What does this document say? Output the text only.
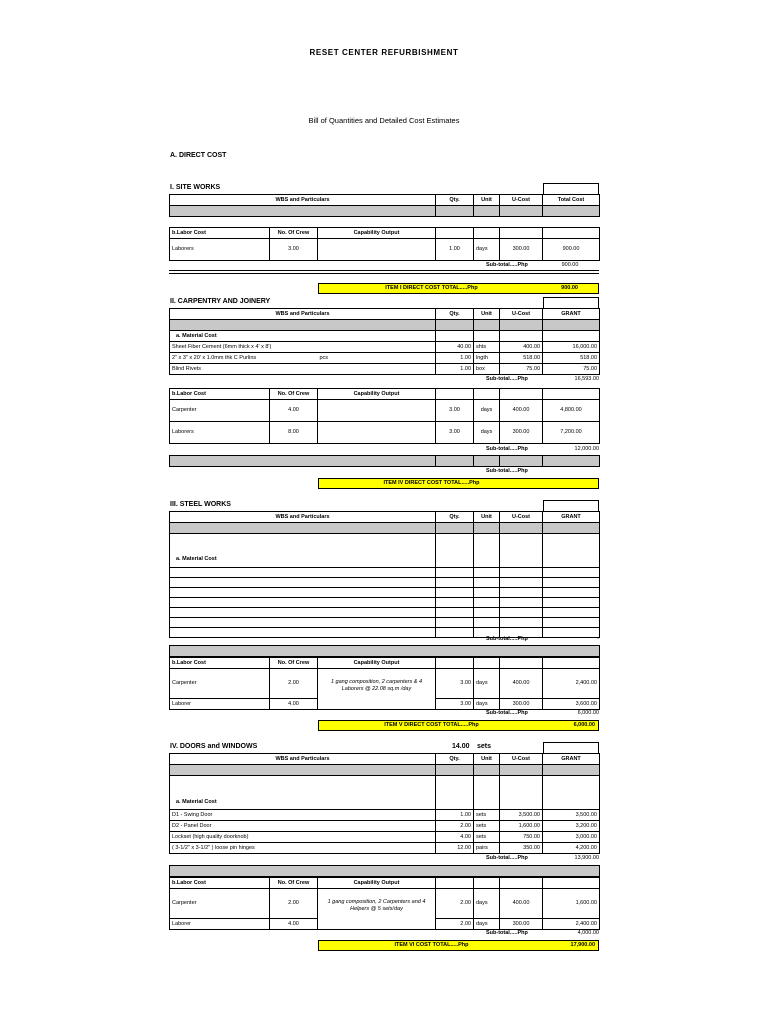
RESET CENTER REFURBISHMENT
Bill of Quantities and Detailed Cost Estimates
A. DIRECT COST
I. SITE WORKS
WBS and Particulars	Qty.	Unit	U-Cost	Total Cost

b.Labor Cost	No. Of Crew	Capability Output				
Laborers	3.00		1.00	days	300.00	900.00
Sub-total.....Php	900.00
ITEM I DIRECT COST TOTAL.....Php	900.00
II. CARPENTRY AND JOINERY
WBS and Particulars		Qty.	Unit	U-Cost	GRANT

a. Material Cost					
Sheet Fiber Cement (6mm thick x 4' x 8')		40.00	shts	400.00	16,000.00
2" x 3" x 20' x 1.0mm thk C Purlins	pcs	1.00	lngth	518.00	518.00
Blind Rivets		1.00	box	75.00	75.00
Sub-total.....Php	16,593.00
b.Labor Cost	No. Of Crew	Capability Output				
Carpenter	4.00		3.00	days	400.00	4,800.00
Laborers	8.00		3.00	days	300.00	7,200.00
Sub-total.....Php	12,000.00

Sub-total.....Php
ITEM IV DIRECT COST TOTAL.....Php
III. STEEL WORKS
WBS and Particulars	Qty.	Unit	U-Cost	GRANT

a. Material Cost				

Sub-total.....Php	-
b.Labor Cost	No. Of Crew	Capability Output				
Carpenter	2.00	1 gang composition, 2 carpenters & 4 Laborers @ 22.08 sq.m /day	3.00	days	400.00	2,400.00
Laborer	4.00		3.00	days	300.00	3,600.00
Sub-total.....Php	6,000.00
ITEM V DIRECT COST TOTAL.....Php	6,000.00
IV. DOORS and WINDOWS	14.00 sets
WBS and Particulars	Qty.	Unit	U-Cost	GRANT

a. Material Cost				
D1 - Swing Door	1.00	sets	3,500.00	3,500.00
D2 - Panel Door	2.00	sets	1,600.00	3,200.00
Lockset (high quality doorknob)	4.00	sets	750.00	3,000.00
( 3-1/2" x 3-1/2" ) loose pin hinges	12.00	pairs	350.00	4,200.00
Sub-total.....Php	13,900.00
b.Labor Cost	No. Of Crew	Capability Output				
Carpenter	2.00	1 gang composition, 2 Carpenters and 4 Helpers @ 5 sets/day	2.00	days	400.00	1,600.00
Laborer	4.00		2.00	days	300.00	2,400.00
Sub-total.....Php	4,000.00
ITEM VI COST TOTAL.....Php	17,900.00
